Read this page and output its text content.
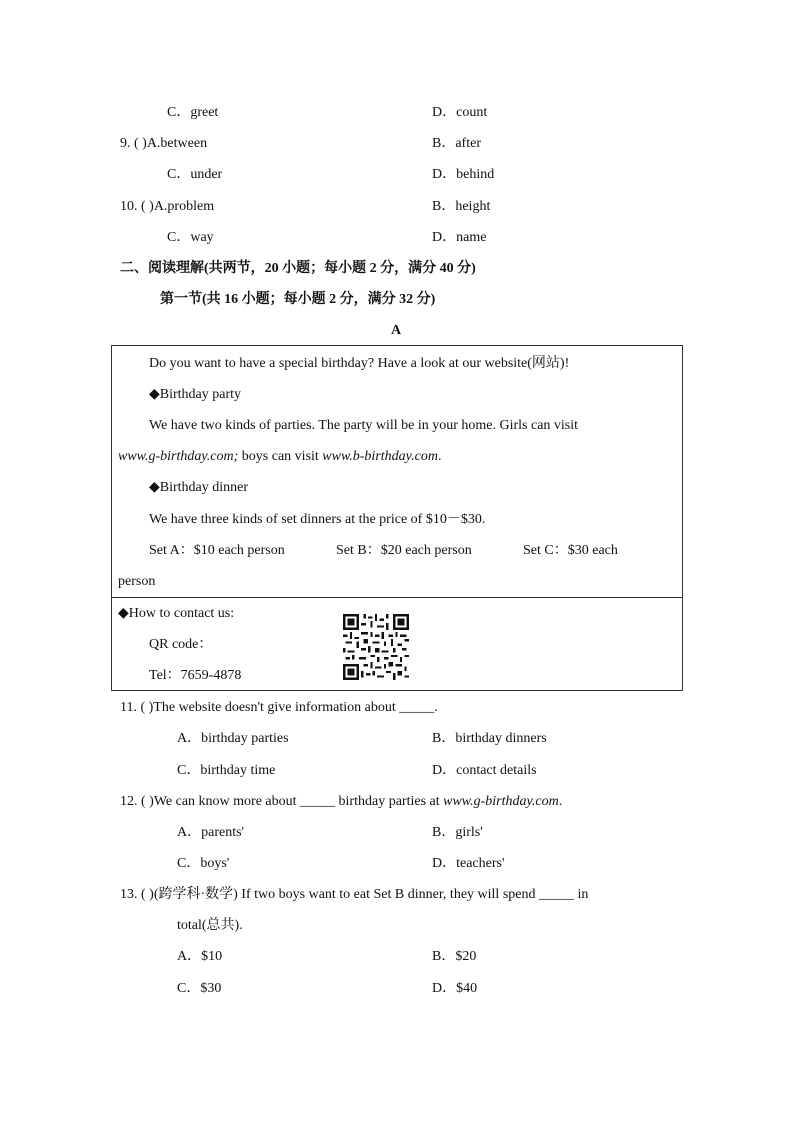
C．greet	D．count
9. ( )A.between	B．after
C．under	D．behind
10. ( )A.problem	B．height
C．way	D．name
二、阅读理解(共两节，20 小题；每小题 2 分，满分 40 分)
第一节(共 16 小题；每小题 2 分，满分 32 分)
A
Do you want to have a special birthday? Have a look at our website(网站)!
◆Birthday party
We have two kinds of parties. The party will be in your home. Girls can visit
www.g-birthday.com; boys can visit www.b-birthday.com.
◆Birthday dinner
We have three kinds of set dinners at the price of $10－$30.
Set A：$10 each person	Set B：$20 each person	Set C：$30 each
person
◆How to contact us:
QR code：
Tel：7659-4878
11. ( )The website doesn't give information about _____.
A．birthday parties	B．birthday dinners
C．birthday time	D．contact details
12. ( )We can know more about _____ birthday parties at www.g-birthday.com.
A．parents'	B．girls'
C．boys'	D．teachers'
13. ( )(跨学科·数学) If two boys want to eat Set B dinner, they will spend _____ in
total(总共).
A．$10	B．$20
C．$30	D．$40
